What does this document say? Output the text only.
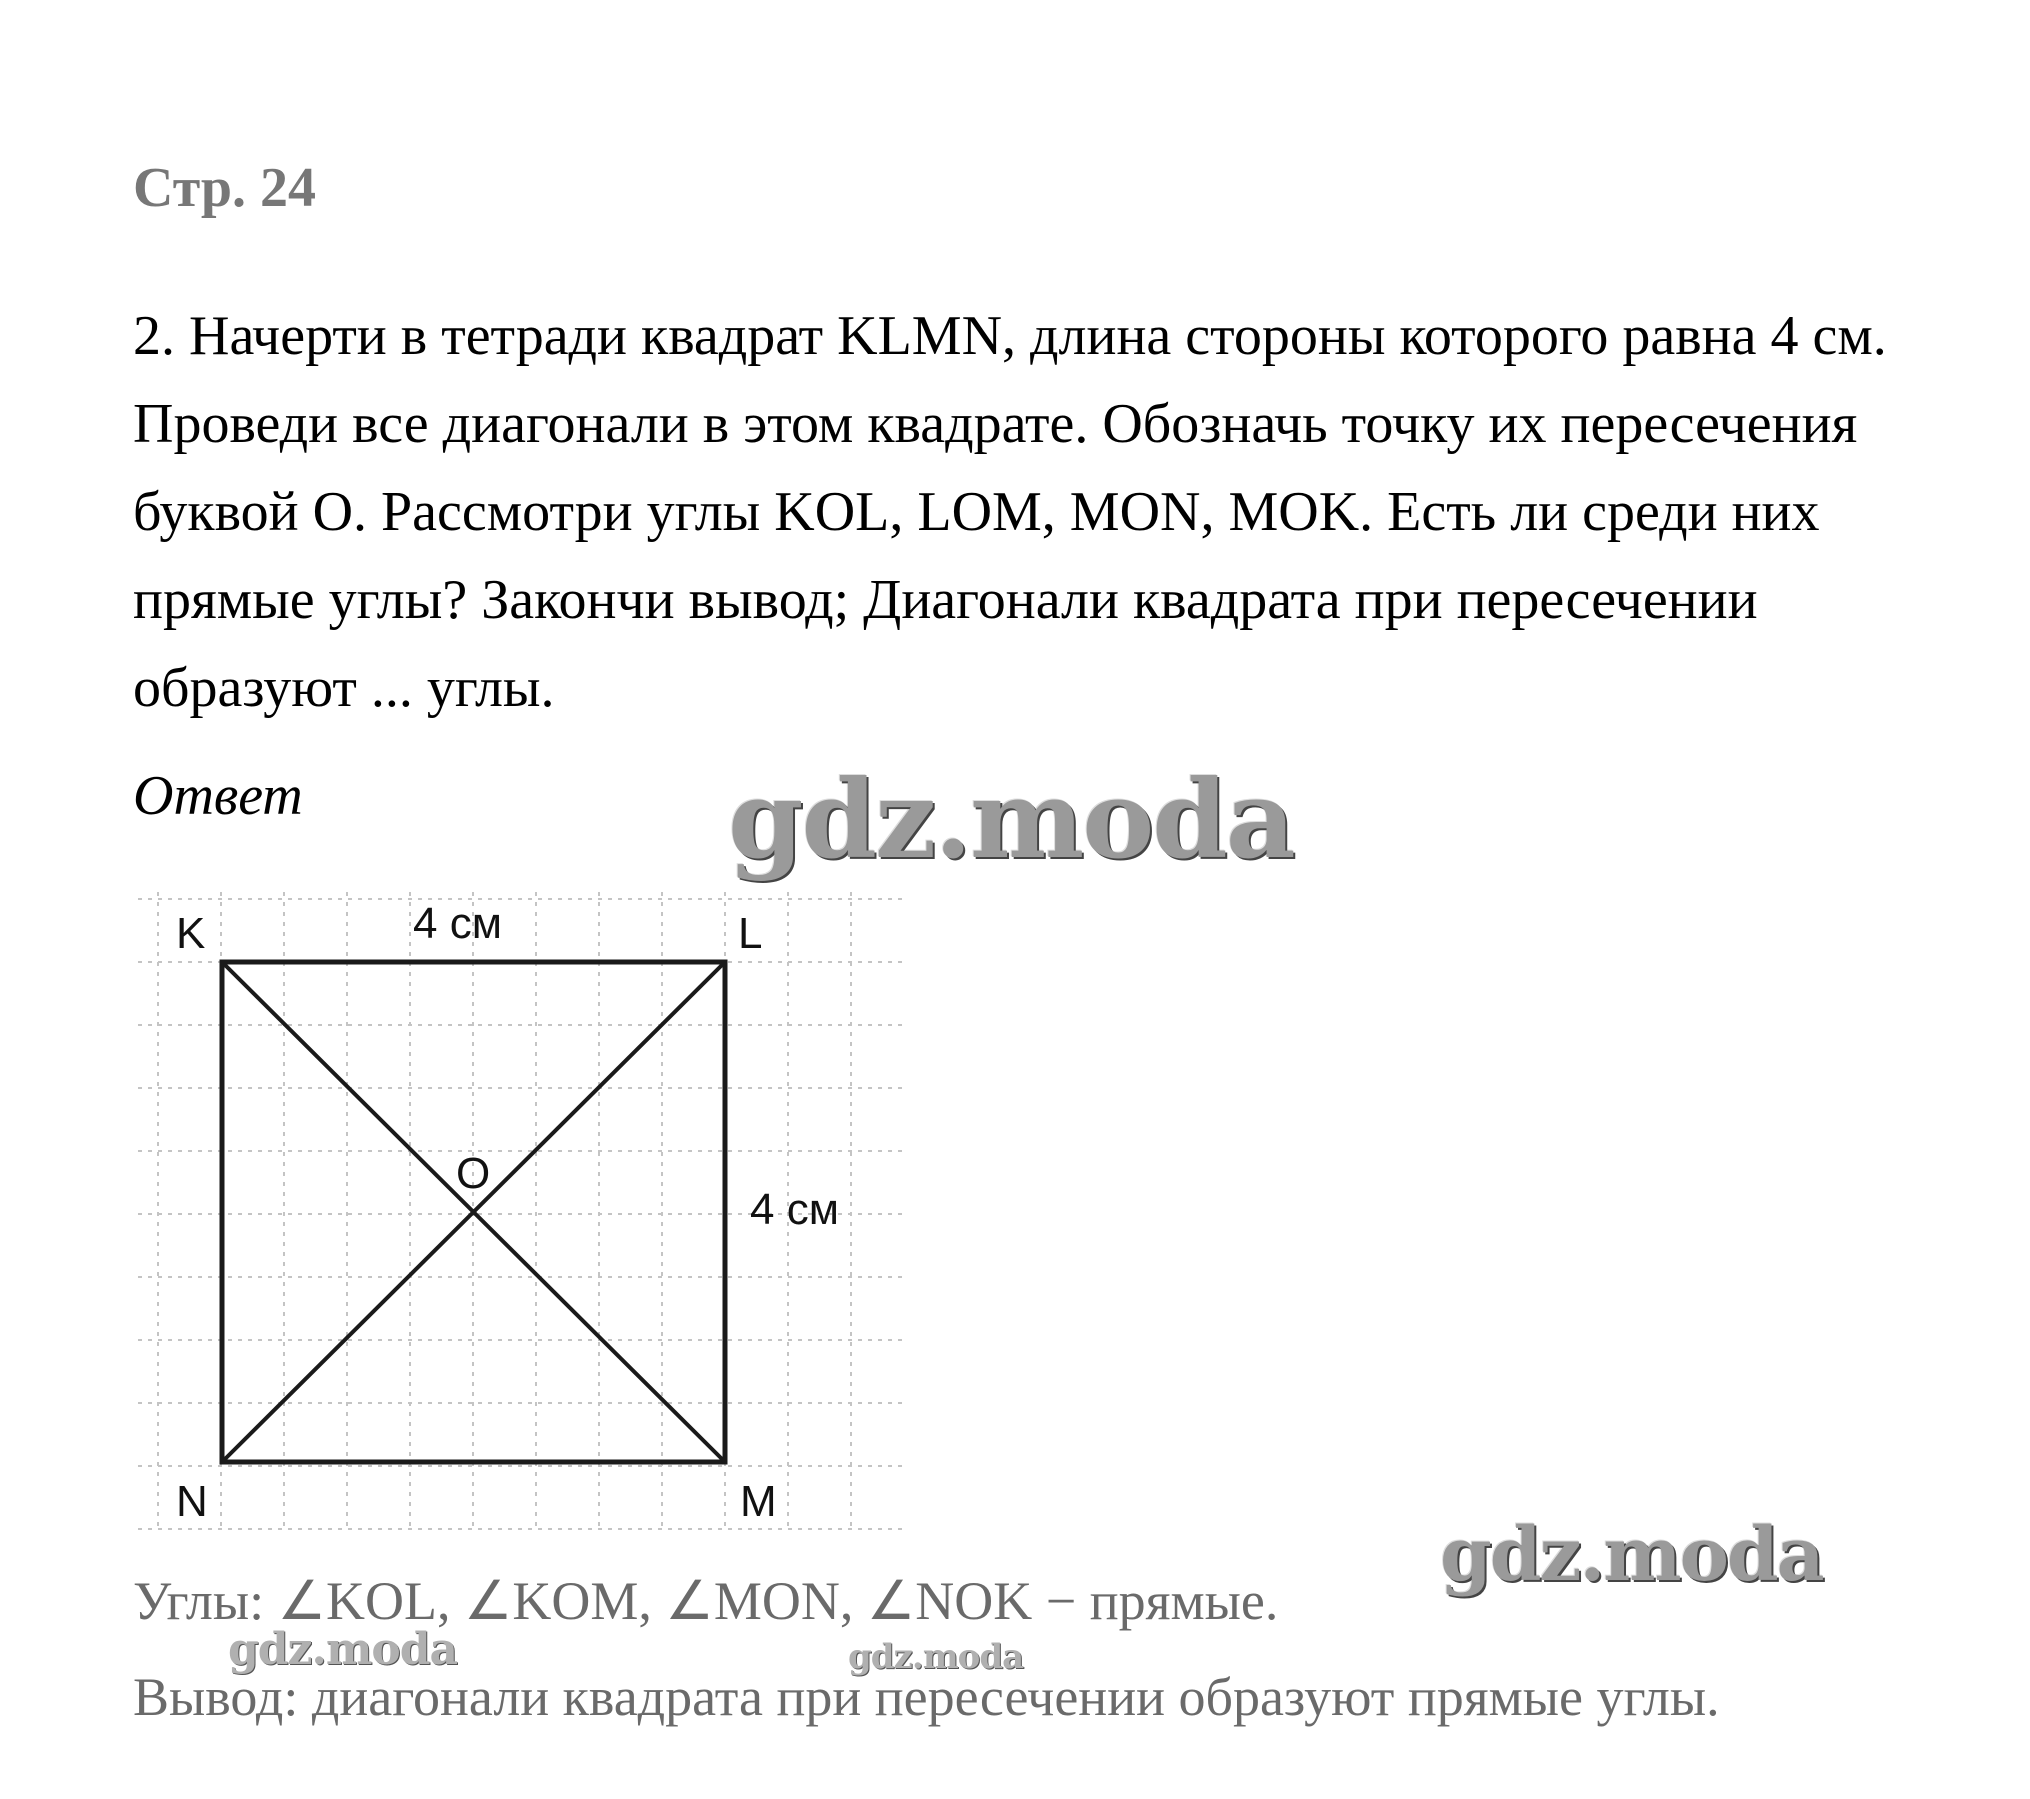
Стр. 24
2. Начерти в тетради квадрат KLMN, длина стороны которого равна 4 см. Проведи все диагонали в этом квадрате. Обозначь точку их пересечения буквой O. Рассмотри углы KOL, LOM, MON, MOK. Есть ли среди них прямые углы? Закончи вывод; Диагонали квадрата при пересечении образуют ... углы.
Ответ	gdz.moda
K	L
M
N
O
4 см
4 см
gdz.moda
Углы: ∠KOL, ∠KOM, ∠MON, ∠NOK − прямые.
gdz.moda	gdz.moda
Вывод: диагонали квадрата при пересечении образуют прямые углы.
